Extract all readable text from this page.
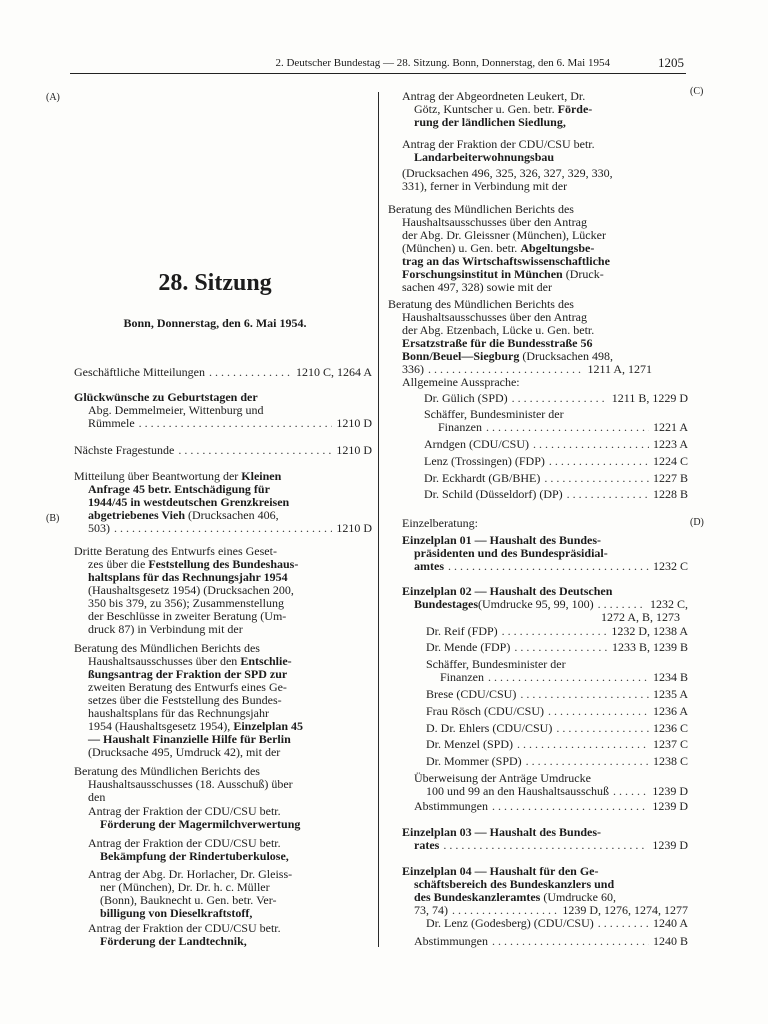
2. Deutscher Bundestag — 28. Sitzung. Bonn, Donnerstag, den 6. Mai 1954	1205
(A)
(B)
(C)
(D)
28. Sitzung
Bonn, Donnerstag, den 6. Mai 1954.
Geschäftliche Mitteilungen . . .	1210 C, 1264 A
Glückwünsche zu Geburtstagen der
Abg. Demmelmeier, Wittenburg und
Rümmele . . .	1210 D
Nächste Fragestunde . . .	1210 D
Mitteilung über Beantwortung der Kleinen
Anfrage 45 betr. Entschädigung für
1944/45 in westdeutschen Grenzkreisen
abgetriebenes Vieh (Drucksachen 406,
503) . . .	1210 D
Dritte Beratung des Entwurfs eines Geset-
zes über die Feststellung des Bundeshaus-
haltsplans für das Rechnungsjahr 1954
(Haushaltsgesetz 1954) (Drucksachen 200,
350 bis 379, zu 356); Zusammenstellung
der Beschlüsse in zweiter Beratung (Um-
druck 87) in Verbindung mit der
Beratung des Mündlichen Berichts des
Haushaltsausschusses über den Entschlie-
ßungsantrag der Fraktion der SPD zur
zweiten Beratung des Entwurfs eines Ge-
setzes über die Feststellung des Bundes-
haushaltsplans für das Rechnungsjahr
1954 (Haushaltsgesetz 1954), Einzelplan 45
— Haushalt Finanzielle Hilfe für Berlin
(Drucksache 495, Umdruck 42), mit der
Beratung des Mündlichen Berichts des
Haushaltsausschusses (18. Ausschuß) über
den
Antrag der Fraktion der CDU/CSU betr.
Förderung der Magermilchverwertung
Antrag der Fraktion der CDU/CSU betr.
Bekämpfung der Rindertuberkulose,
Antrag der Abg. Dr. Horlacher, Dr. Gleiss-
ner (München), Dr. Dr. h. c. Müller
(Bonn), Bauknecht u. Gen. betr. Ver-
billigung von Dieselkraftstoff,
Antrag der Fraktion der CDU/CSU betr.
Förderung der Landtechnik,
Antrag der Abgeordneten Leukert, Dr.
Götz, Kuntscher u. Gen. betr. Förde-
rung der ländlichen Siedlung,
Antrag der Fraktion der CDU/CSU betr.
Landarbeiterwohnungsbau
(Drucksachen 496, 325, 326, 327, 329, 330,
331), ferner in Verbindung mit der
Beratung des Mündlichen Berichts des
Haushaltsausschusses über den Antrag
der Abg. Dr. Gleissner (München), Lücker
(München) u. Gen. betr. Abgeltungsbe-
trag an das Wirtschaftswissenschaftliche
Forschungsinstitut in München (Druck-
sachen 497, 328) sowie mit der
Beratung des Mündlichen Berichts des
Haushaltsausschusses über den Antrag
der Abg. Etzenbach, Lücke u. Gen. betr.
Ersatzstraße für die Bundesstraße 56
Bonn/Beuel—Siegburg (Drucksachen 498,
336) . . .	1211 A, 1271
Allgemeine Aussprache:
Dr. Gülich (SPD) . . .	1211 B, 1229 D
Schäffer, Bundesminister der
Finanzen . . .	1221 A
Arndgen (CDU/CSU) . . .	1223 A
Lenz (Trossingen) (FDP) . . .	1224 C
Dr. Eckhardt (GB/BHE) . . .	1227 B
Dr. Schild (Düsseldorf) (DP) . . .	1228 B
Einzelberatung:
Einzelplan 01 — Haushalt des Bundes-
präsidenten und des Bundespräsidial-
amtes . . .	1232 C
Einzelplan 02 — Haushalt des Deutschen
Bundestages (Umdrucke 95, 99, 100) . . .	1232 C,
1272 A, B, 1273
Dr. Reif (FDP) . . .	1232 D, 1238 A
Dr. Mende (FDP) . . .	1233 B, 1239 B
Schäffer, Bundesminister der
Finanzen . . .	1234 B
Brese (CDU/CSU) . . .	1235 A
Frau Rösch (CDU/CSU) . . .	1236 A
D. Dr. Ehlers (CDU/CSU) . . .	1236 C
Dr. Menzel (SPD) . . .	1237 C
Dr. Mommer (SPD) . . .	1238 C
Überweisung der Anträge Umdrucke
100 und 99 an den Haushaltsausschuß . . .	1239 D
Abstimmungen . . .	1239 D
Einzelplan 03 — Haushalt des Bundes-
rates . . .	1239 D
Einzelplan 04 — Haushalt für den Ge-
schäftsbereich des Bundeskanzlers und
des Bundeskanzleramtes (Umdrucke 60,
73, 74) . . .	1239 D, 1276, 1274, 1277
Dr. Lenz (Godesberg) (CDU/CSU) . . .	1240 A
Abstimmungen . . .	1240 B
